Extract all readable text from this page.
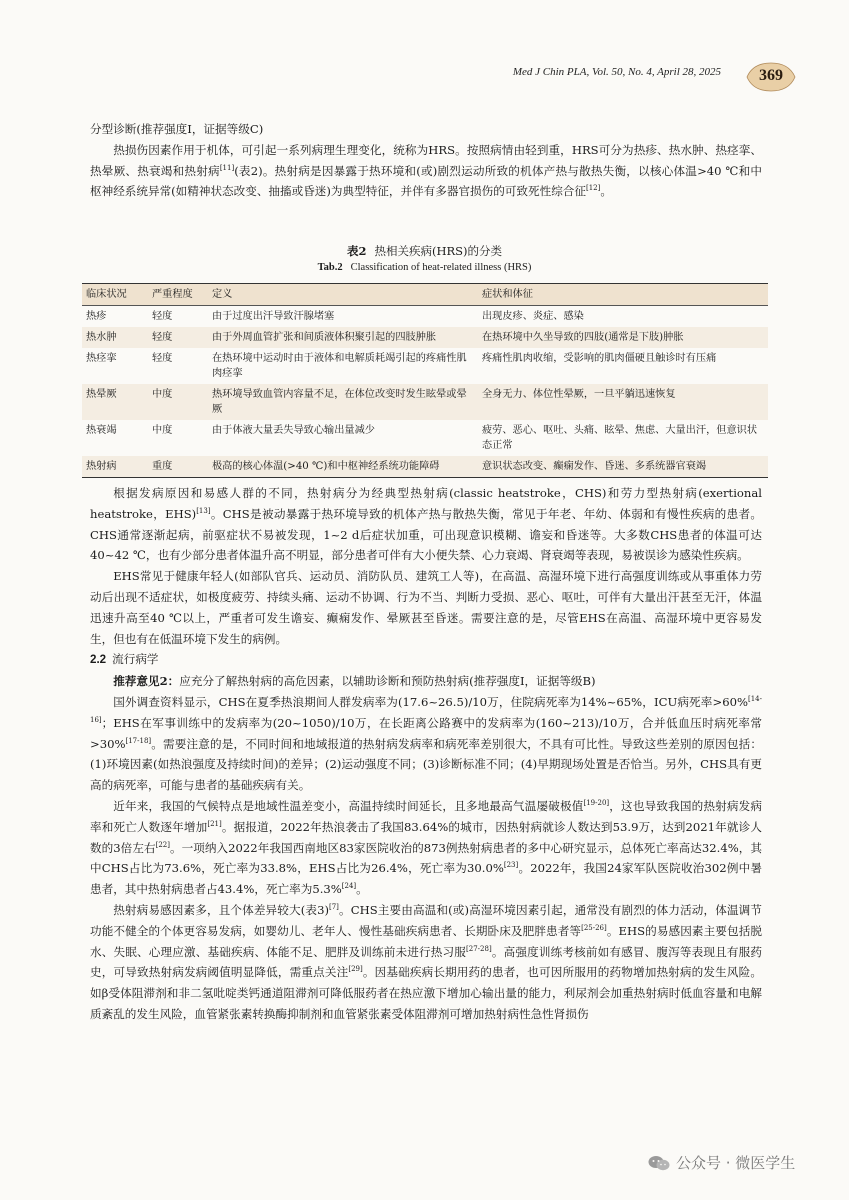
Med J Chin PLA, Vol. 50, No. 4, April 28, 2025	369

分型诊断(推荐强度Ⅰ，证据等级C)

热损伤因素作用于机体，可引起一系列病理生理变化，统称为HRS。按照病情由轻到重，HRS可分为热疹、热水肿、热痉挛、热晕厥、热衰竭和热射病[11](表2)。热射病是因暴露于热环境和(或)剧烈运动所致的机体产热与散热失衡，以核心体温>40 ℃和中枢神经系统异常(如精神状态改变、抽搐或昏迷)为典型特征，并伴有多器官损伤的可致死性综合征[12]。

表2 热相关疾病(HRS)的分类
Tab.2 Classification of heat-related illness (HRS)
临床状况	严重程度	定义	症状和体征
热疹	轻度	由于过度出汗导致汗腺堵塞	出现皮疹、炎症、感染
热水肿	轻度	由于外周血管扩张和间质液体积聚引起的四肢肿胀	在热环境中久坐导致的四肢(通常是下肢)肿胀
热痉挛	轻度	在热环境中运动时由于液体和电解质耗竭引起的疼痛性肌肉痉挛	疼痛性肌肉收缩，受影响的肌肉僵硬且触诊时有压痛
热晕厥	中度	热环境导致血管内容量不足，在体位改变时发生眩晕或晕厥	全身无力、体位性晕厥，一旦平躺迅速恢复
热衰竭	中度	由于体液大量丢失导致心输出量减少	疲劳、恶心、呕吐、头痛、眩晕、焦虑、大量出汗，但意识状态正常
热射病	重度	极高的核心体温(>40 ℃)和中枢神经系统功能障碍	意识状态改变、癫痫发作、昏迷、多系统器官衰竭

根据发病原因和易感人群的不同，热射病分为经典型热射病(classic heatstroke，CHS)和劳力型热射病(exertional heatstroke，EHS)[13]。CHS是被动暴露于热环境导致的机体产热与散热失衡，常见于年老、年幼、体弱和有慢性疾病的患者。CHS通常逐渐起病，前驱症状不易被发现，1~2 d后症状加重，可出现意识模糊、谵妄和昏迷等。大多数CHS患者的体温可达40~42 ℃，也有少部分患者体温升高不明显，部分患者可伴有大小便失禁、心力衰竭、肾衰竭等表现，易被误诊为感染性疾病。

EHS常见于健康年轻人(如部队官兵、运动员、消防队员、建筑工人等)，在高温、高湿环境下进行高强度训练或从事重体力劳动后出现不适症状，如极度疲劳、持续头痛、运动不协调、行为不当、判断力受损、恶心、呕吐，可伴有大量出汗甚至无汗，体温迅速升高至40 ℃以上，严重者可发生谵妄、癫痫发作、晕厥甚至昏迷。需要注意的是，尽管EHS在高温、高湿环境中更容易发生，但也有在低温环境下发生的病例。

2.2 流行病学

推荐意见2：应充分了解热射病的高危因素，以辅助诊断和预防热射病(推荐强度Ⅰ，证据等级B)

国外调查资料显示，CHS在夏季热浪期间人群发病率为(17.6~26.5)/10万，住院病死率为14%~65%，ICU病死率>60%[14-16]；EHS在军事训练中的发病率为(20~1050)/10万，在长距离公路赛中的发病率为(160~213)/10万，合并低血压时病死率常>30%[17-18]。需要注意的是，不同时间和地域报道的热射病发病率和病死率差别很大，不具有可比性。导致这些差别的原因包括：(1)环境因素(如热浪强度及持续时间)的差异；(2)运动强度不同；(3)诊断标准不同；(4)早期现场处置是否恰当。另外，CHS具有更高的病死率，可能与患者的基础疾病有关。

近年来，我国的气候特点是地域性温差变小，高温持续时间延长，且多地最高气温屡破极值[19-20]，这也导致我国的热射病发病率和死亡人数逐年增加[21]。据报道，2022年热浪袭击了我国83.64%的城市，因热射病就诊人数达到53.9万，达到2021年就诊人数的3倍左右[22]。一项纳入2022年我国西南地区83家医院收治的873例热射病患者的多中心研究显示，总体死亡率高达32.4%，其中CHS占比为73.6%，死亡率为33.8%，EHS占比为26.4%，死亡率为30.0%[23]。2022年，我国24家军队医院收治302例中暑患者，其中热射病患者占43.4%，死亡率为5.3%[24]。

热射病易感因素多，且个体差异较大(表3)[7]。CHS主要由高温和(或)高湿环境因素引起，通常没有剧烈的体力活动，体温调节功能不健全的个体更容易发病，如婴幼儿、老年人、慢性基础疾病患者、长期卧床及肥胖患者等[25-26]。EHS的易感因素主要包括脱水、失眠、心理应激、基础疾病、体能不足、肥胖及训练前未进行热习服[27-28]。高强度训练考核前如有感冒、腹泻等表现且有服药史，可导致热射病发病阈值明显降低，需重点关注[29]。因基础疾病长期用药的患者，也可因所服用的药物增加热射病的发生风险。如β受体阻滞剂和非二氢吡啶类钙通道阻滞剂可降低服药者在热应激下增加心输出量的能力，利尿剂会加重热射病时低血容量和电解质紊乱的发生风险，血管紧张素转换酶抑制剂和血管紧张素受体阻滞剂可增加热射病性急性肾损伤

公众号 · 微医学生
